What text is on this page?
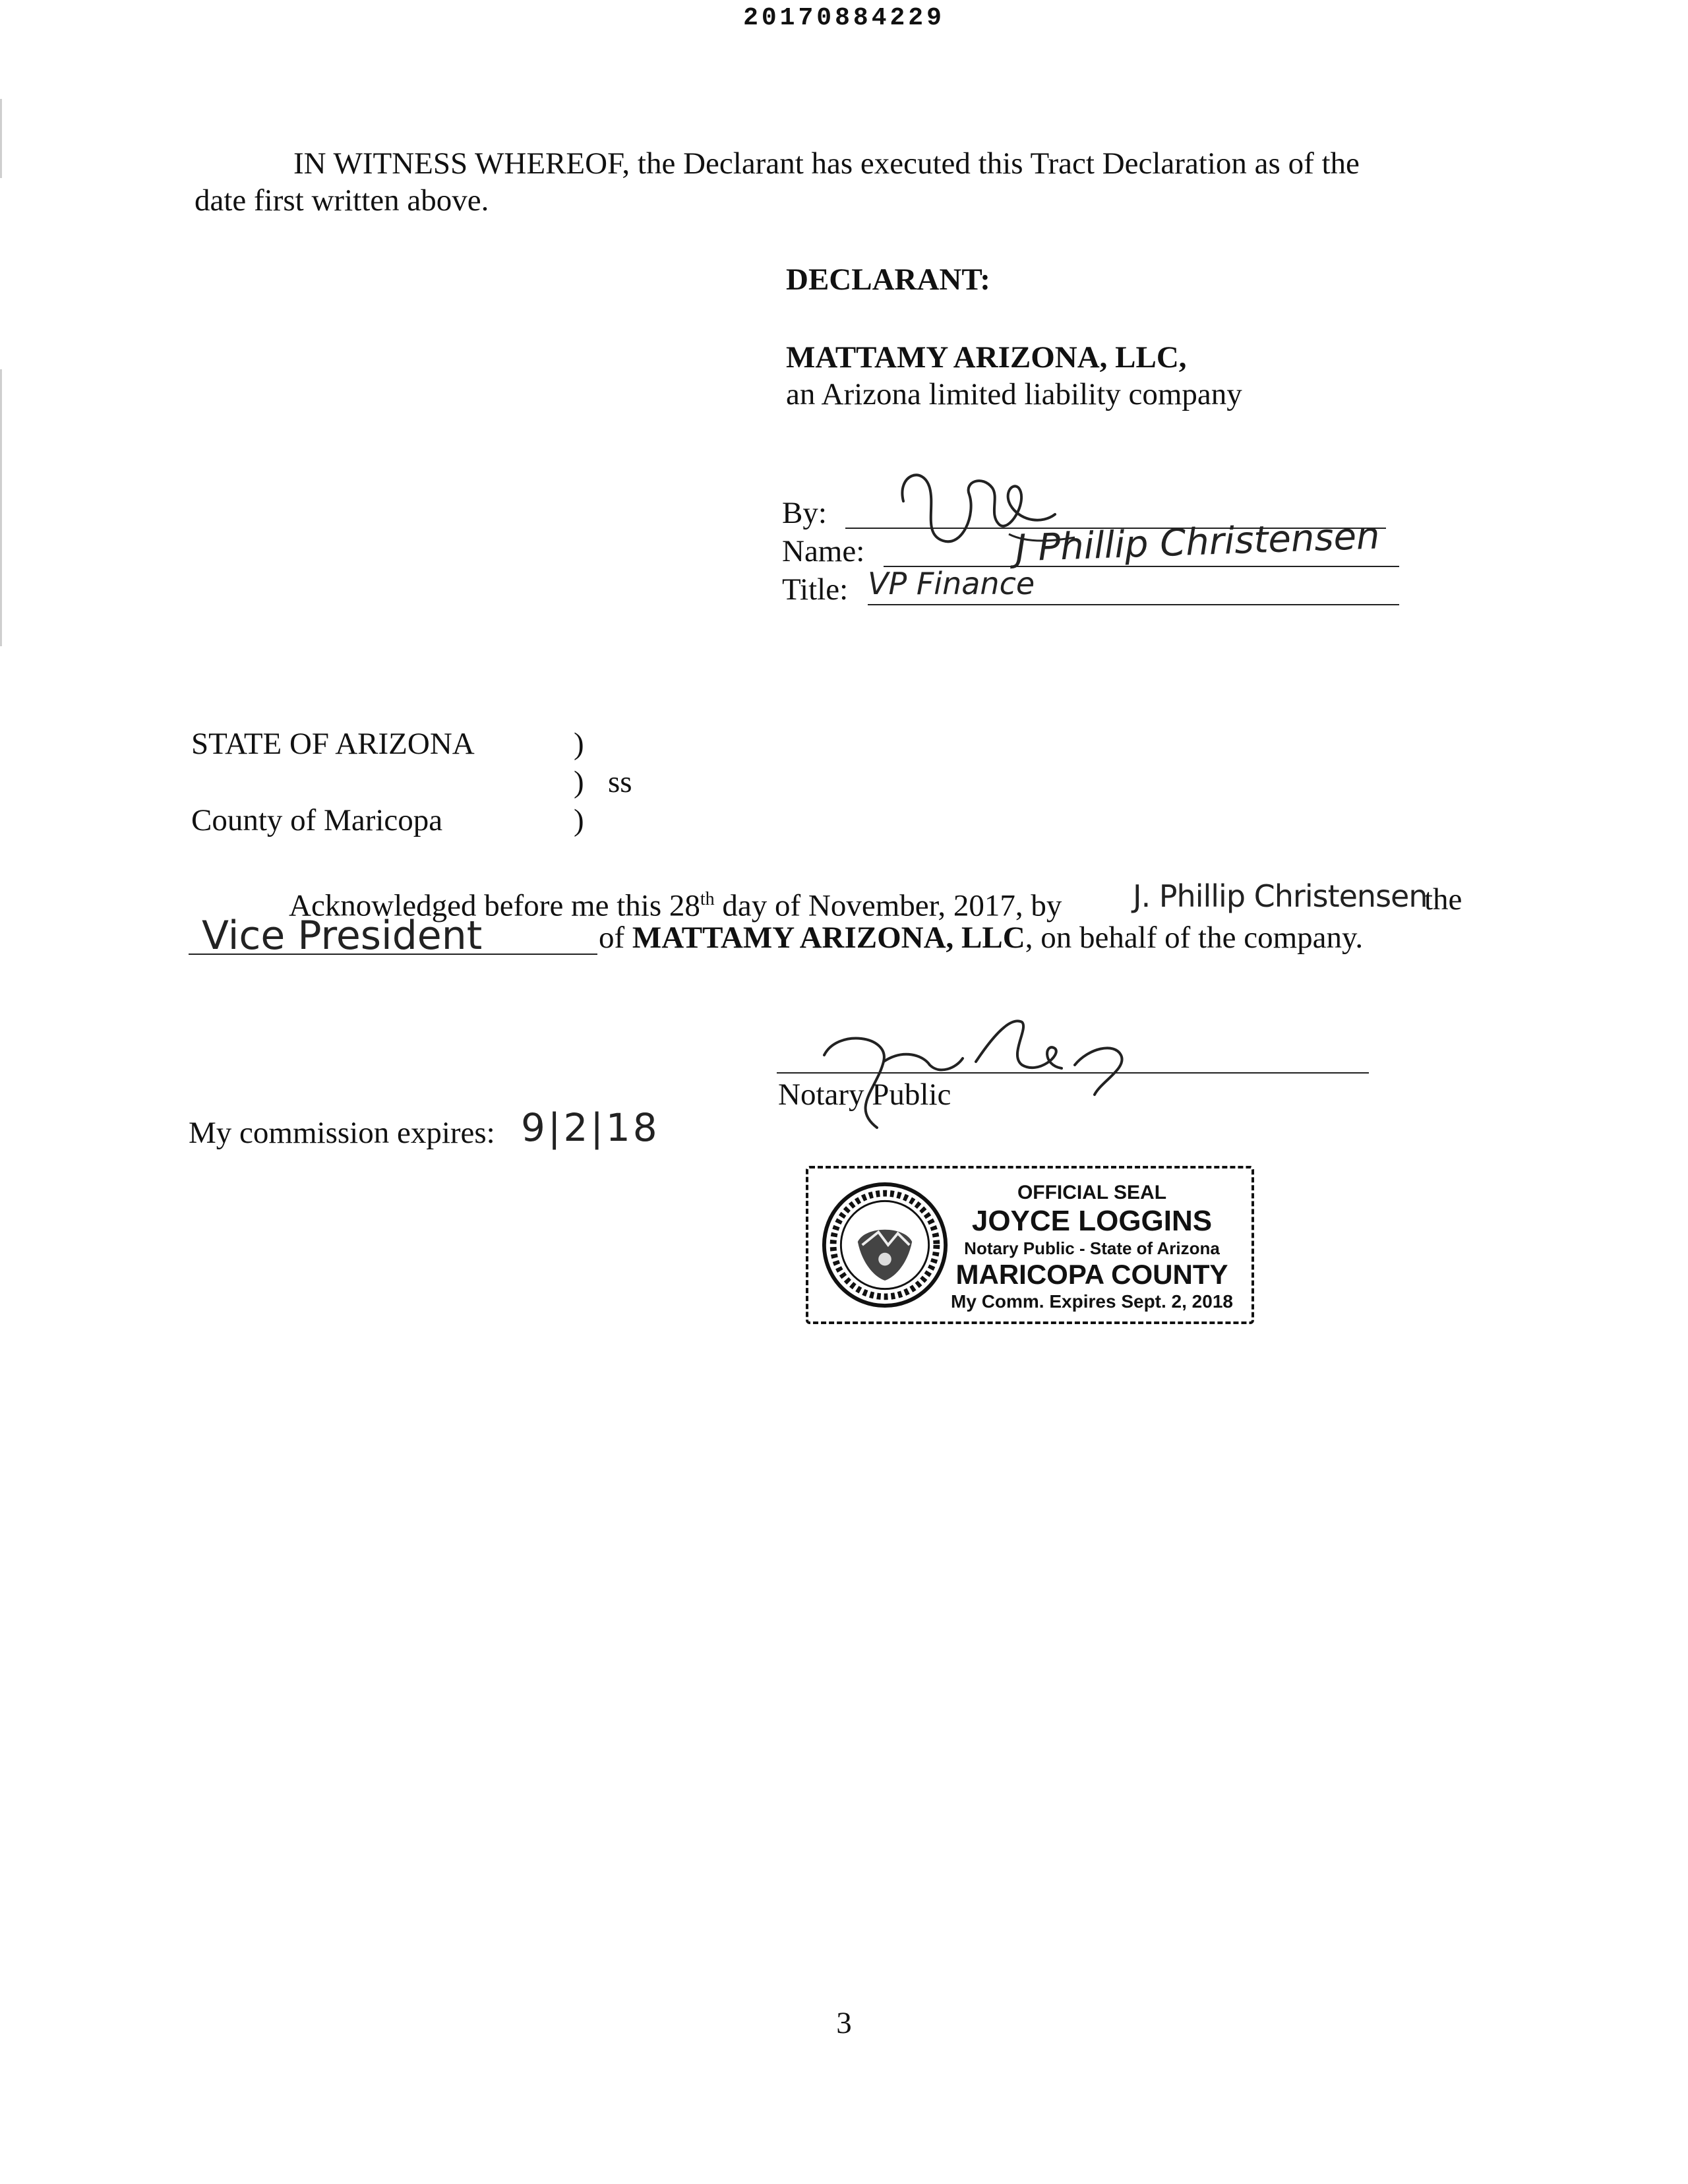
20170884229
IN WITNESS WHEREOF, the Declarant has executed this Tract Declaration as of the
date first written above.
DECLARANT:
MATTAMY ARIZONA, LLC,
an Arizona limited liability company
By:
Name:	J Phillip Christensen
Title: VP Finance
STATE OF ARIZONA	)
) ss
County of Maricopa	)
Acknowledged before me this 28th day of November, 2017, by J. Phillip Christensen
the
Vice President	of MATTAMY ARIZONA, LLC, on behalf of the company.
Notary Public
My commission expires: 9|2|18
OFFICIAL SEAL
JOYCE LOGGINS
Notary Public - State of Arizona
MARICOPA COUNTY
My Comm. Expires Sept. 2, 2018
3
